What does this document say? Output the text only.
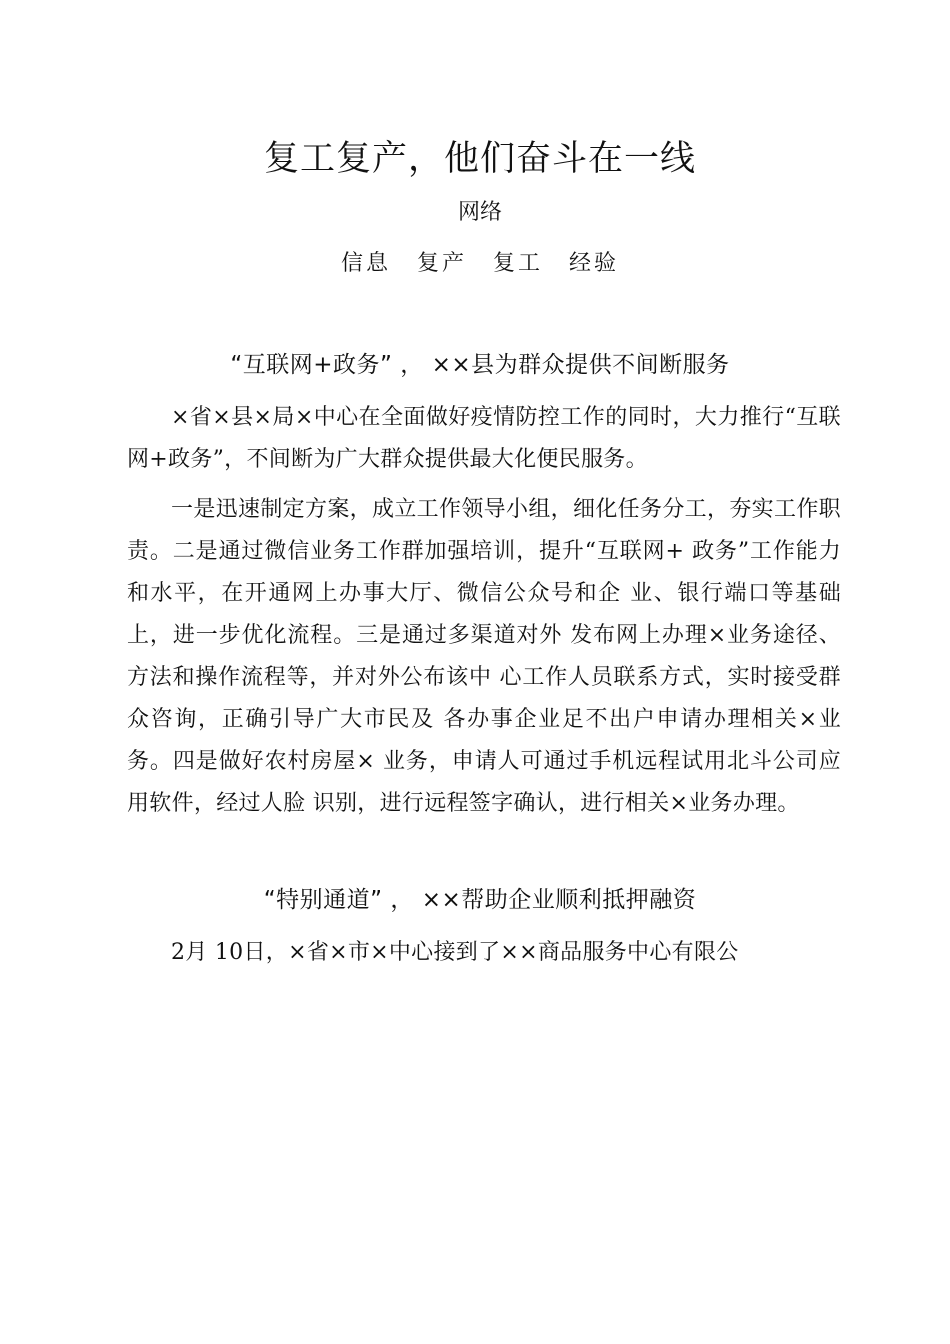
复工复产，他们奋斗在一线
网络
信息 复产 复工 经验
“互联网+政务” ， ××县为群众提供不间断服务

×省×县×局×中心在全面做好疫情防控工作的同时，大力推行“互联网+政务”，不间断为广大群众提供最大化便民服务。

一是迅速制定方案，成立工作领导小组，细化任务分工，夯实工作职责。二是通过微信业务工作群加强培训，提升“互联网+ 政务”工作能力和水平，在开通网上办事大厅、微信公众号和企 业、银行端口等基础上，进一步优化流程。三是通过多渠道对外 发布网上办理×业务途径、方法和操作流程等，并对外公布该中 心工作人员联系方式，实时接受群众咨询，正确引导广大市民及 各办事企业足不出户申请办理相关×业务。四是做好农村房屋× 业务，申请人可通过手机远程试用北斗公司应用软件，经过人脸 识别，进行远程签字确认，进行相关×业务办理。

“特别通道” ， ××帮助企业顺利抵押融资

2月 10日，×省×市×中心接到了××商品服务中心有限公
